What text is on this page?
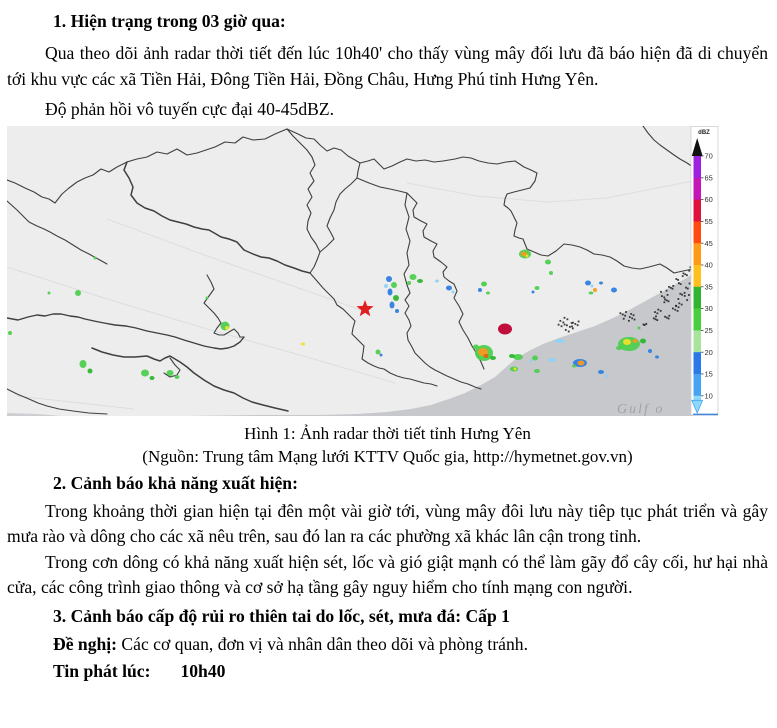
1. Hiện trạng trong 03 giờ qua:

Qua theo dõi ảnh radar thời tiết đến lúc 10h40' cho thấy vùng mây đối lưu đã báo hiện đã di chuyển tới khu vực các xã Tiền Hải, Đông Tiền Hải, Đồng Châu, Hưng Phú tỉnh Hưng Yên.

Độ phản hồi vô tuyến cực đại 40-45dBZ.

Gulf o
dBZ
70
65
60
55
45
40
35
30
25
20
15
10
Hình 1: Ảnh radar thời tiết tỉnh Hưng Yên
(Nguồn: Trung tâm Mạng lưới KTTV Quốc gia, http://hymetnet.gov.vn)

2. Cảnh báo khả năng xuất hiện:

Trong khoảng thời gian hiện tại đên một vài giờ tới, vùng mây đôi lưu này tiêp tục phát triển và gây mưa rào và dông cho các xã nêu trên, sau đó lan ra các phường xã khác lân cận trong tỉnh.

Trong cơn dông có khả năng xuất hiện sét, lốc và gió giật mạnh có thể làm gãy đổ cây cối, hư hại nhà cửa, các công trình giao thông và cơ sở hạ tầng gây nguy hiểm cho tính mạng con người.

3. Cảnh báo cấp độ rủi ro thiên tai do lốc, sét, mưa đá: Cấp 1

Đề nghị: Các cơ quan, đơn vị và nhân dân theo dõi và phòng tránh.

Tin phát lúc: 10h40
